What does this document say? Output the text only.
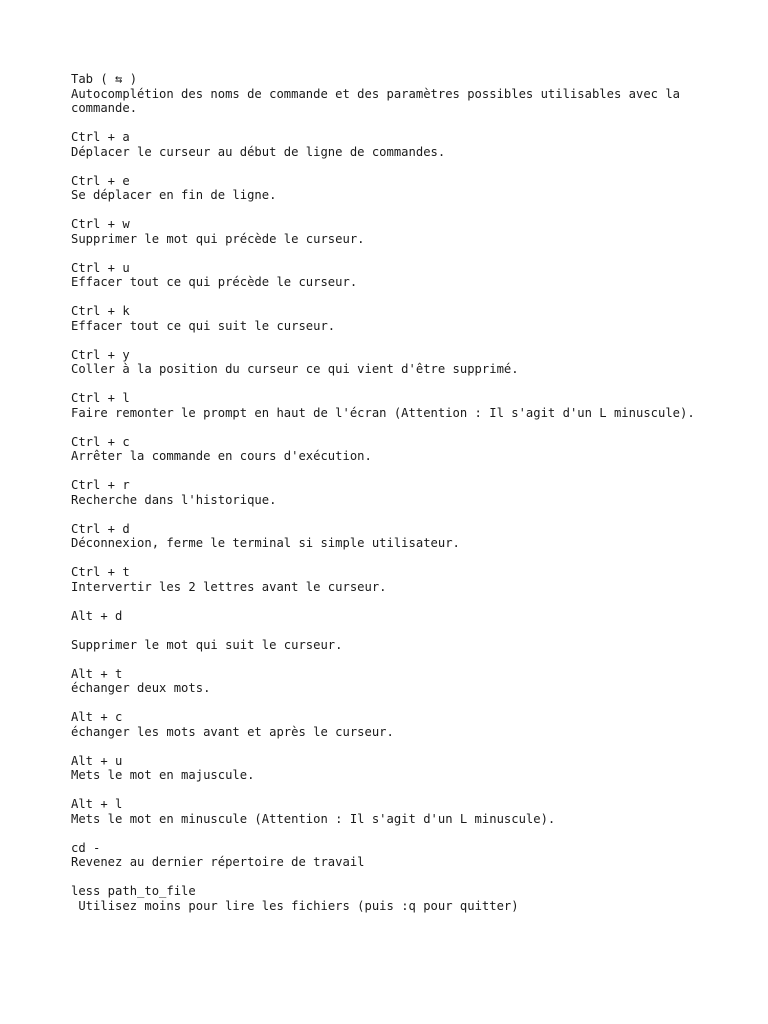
Tab ( ⇆ )
Autocomplétion des noms de commande et des paramètres possibles utilisables avec la commande.
Ctrl + a
Déplacer le curseur au début de ligne de commandes.
Ctrl + e
Se déplacer en fin de ligne.
Ctrl + w
Supprimer le mot qui précède le curseur.
Ctrl + u
Effacer tout ce qui précède le curseur.
Ctrl + k
Effacer tout ce qui suit le curseur.
Ctrl + y
Coller à la position du curseur ce qui vient d'être supprimé.
Ctrl + l
Faire remonter le prompt en haut de l'écran (Attention : Il s'agit d'un L minuscule).
Ctrl + c
Arrêter la commande en cours d'exécution.
Ctrl + r
Recherche dans l'historique.
Ctrl + d
Déconnexion, ferme le terminal si simple utilisateur.
Ctrl + t
Intervertir les 2 lettres avant le curseur.
Alt + d
Supprimer le mot qui suit le curseur.
Alt + t
échanger deux mots.
Alt + c
échanger les mots avant et après le curseur.
Alt + u
Mets le mot en majuscule.
Alt + l
Mets le mot en minuscule (Attention : Il s'agit d'un L minuscule).
cd -
Revenez au dernier répertoire de travail
less path_to_file
Utilisez moins pour lire les fichiers (puis :q pour quitter)
